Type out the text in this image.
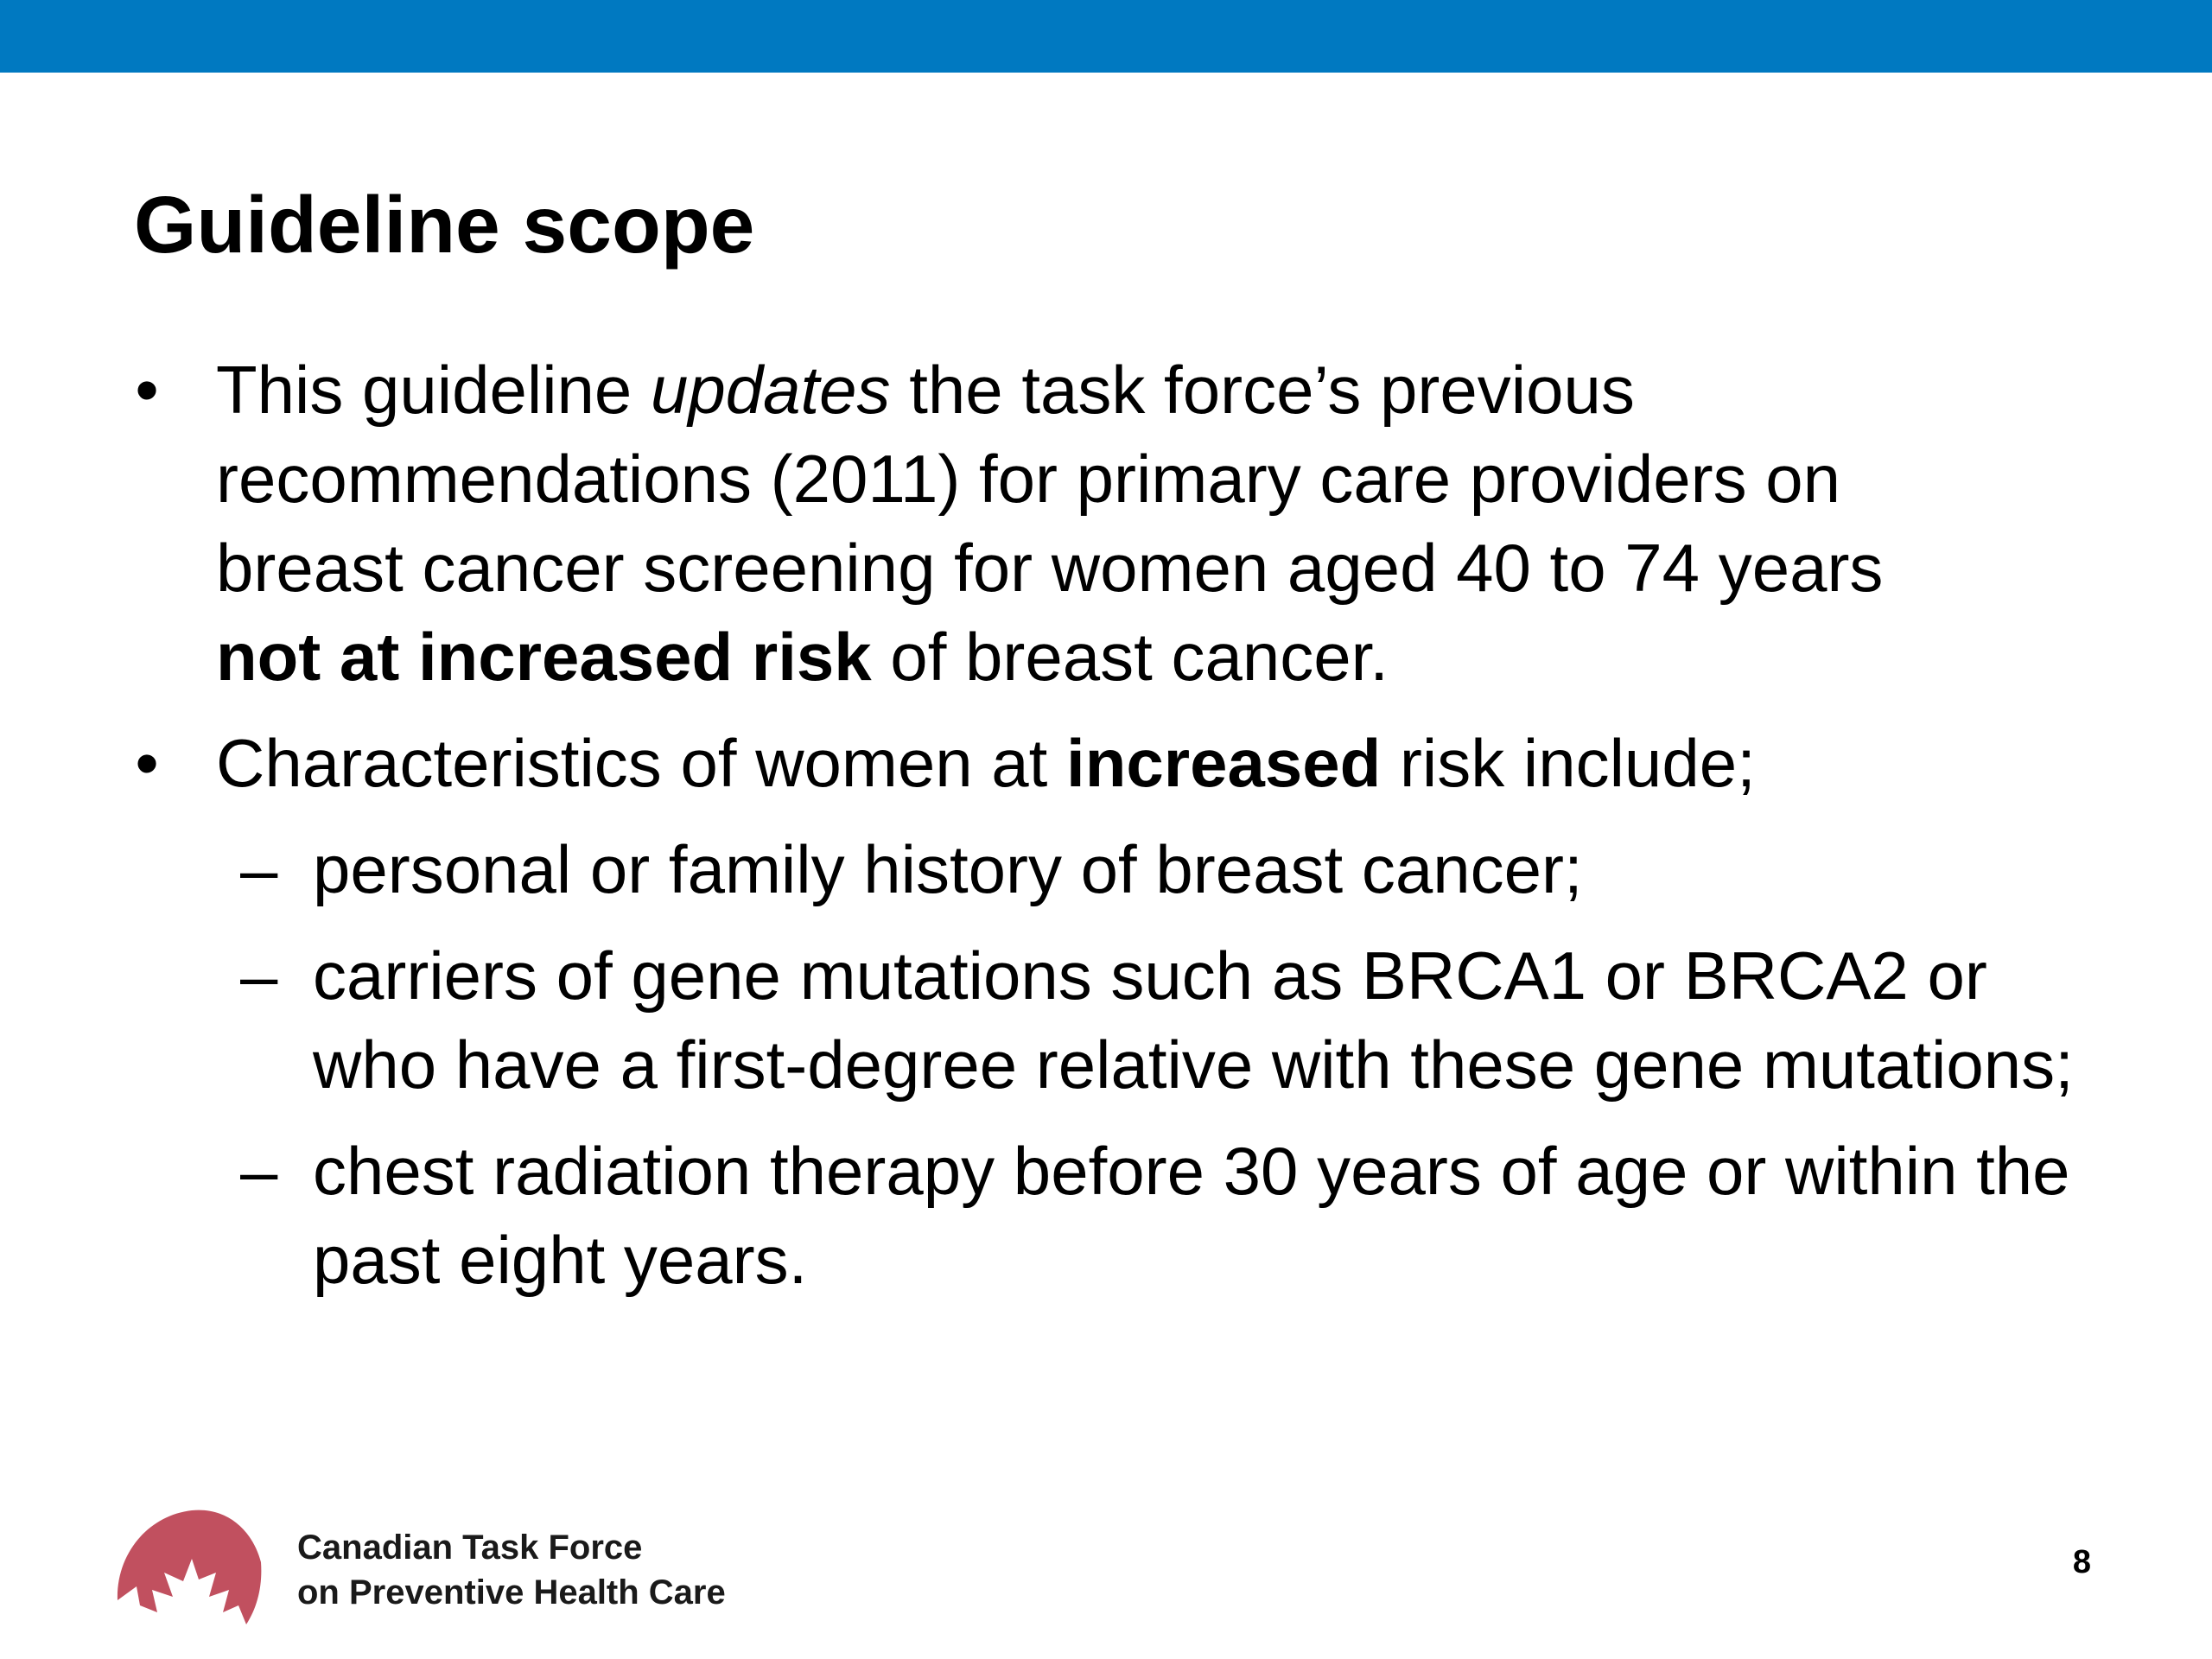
Guideline scope
• This guideline updates the task force’s previous recommendations (2011) for primary care providers on breast cancer screening for women aged 40 to 74 years not at increased risk of breast cancer.
• Characteristics of women at increased risk include;
– personal or family history of breast cancer;
– carriers of gene mutations such as BRCA1 or BRCA2 or who have a first-degree relative with these gene mutations;
– chest radiation therapy before 30 years of age or within the past eight years.
Canadian Task Force
on Preventive Health Care
8
